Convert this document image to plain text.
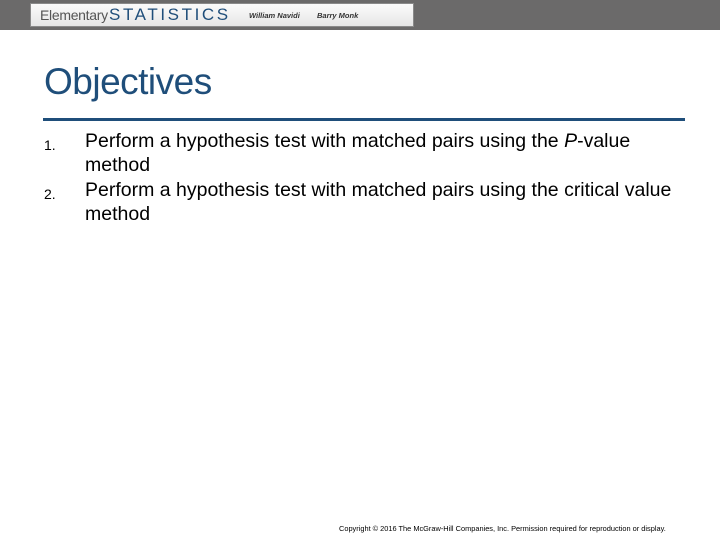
Elementary STATISTICS William Navidi Barry Monk
Objectives
1. Perform a hypothesis test with matched pairs using the P-value method
2. Perform a hypothesis test with matched pairs using the critical value method
Copyright © 2016 The McGraw-Hill Companies, Inc. Permission required for reproduction or display.
